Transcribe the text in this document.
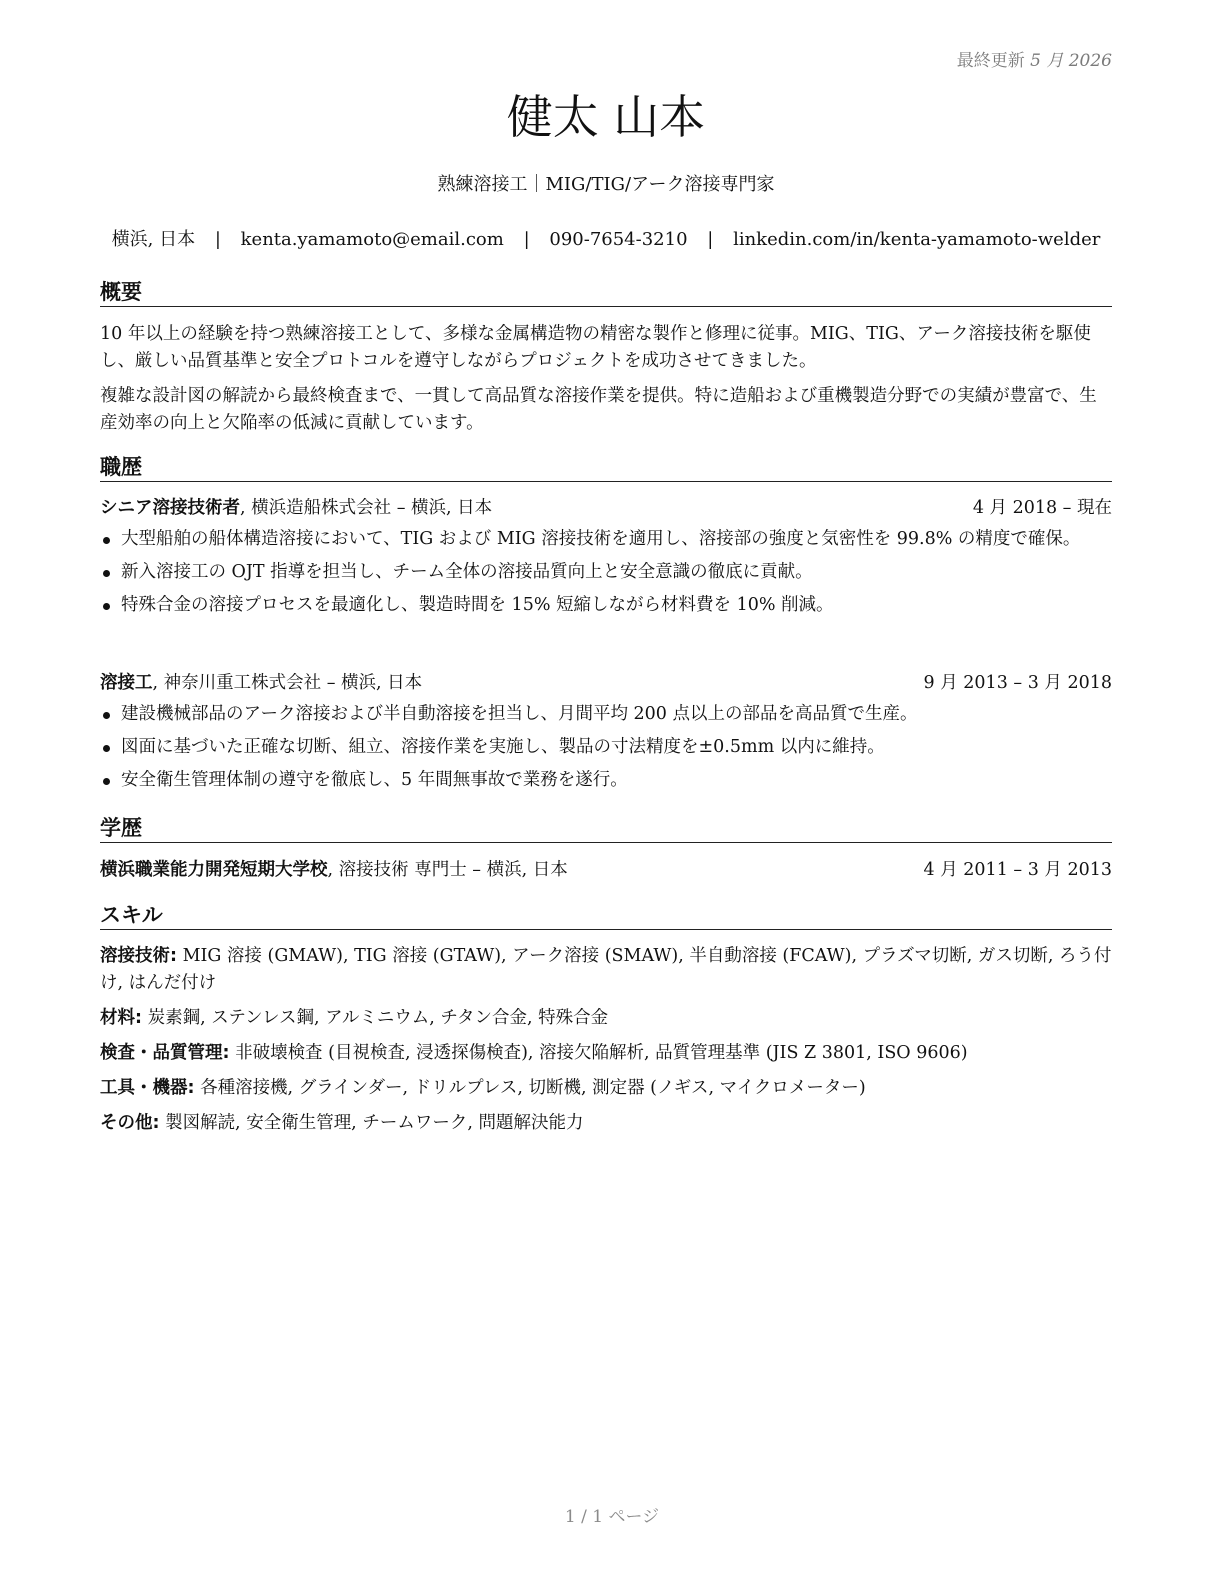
最終更新 5 月 2026
健太 山本
熟練溶接工｜MIG/TIG/アーク溶接専門家
横浜, 日本 | kenta.yamamoto@email.com | 090-7654-3210 | linkedin.com/in/kenta-yamamoto-welder
概要

10 年以上の経験を持つ熟練溶接工として、多様な金属構造物の精密な製作と修理に従事。MIG、TIG、アーク溶接技術を駆使し、厳しい品質基準と安全プロトコルを遵守しながらプロジェクトを成功させてきました。

複雑な設計図の解読から最終検査まで、一貫して高品質な溶接作業を提供。特に造船および重機製造分野での実績が豊富で、生産効率の向上と欠陥率の低減に貢献しています。

職歴
シニア溶接技術者, 横浜造船株式会社 – 横浜, 日本	4 月 2018 – 現在
大型船舶の船体構造溶接において、TIG および MIG 溶接技術を適用し、溶接部の強度と気密性を 99.8% の精度で確保。
新入溶接工の OJT 指導を担当し、チーム全体の溶接品質向上と安全意識の徹底に貢献。
特殊合金の溶接プロセスを最適化し、製造時間を 15% 短縮しながら材料費を 10% 削減。
溶接工, 神奈川重工株式会社 – 横浜, 日本	9 月 2013 – 3 月 2018
建設機械部品のアーク溶接および半自動溶接を担当し、月間平均 200 点以上の部品を高品質で生産。
図面に基づいた正確な切断、組立、溶接作業を実施し、製品の寸法精度を±0.5mm 以内に維持。
安全衛生管理体制の遵守を徹底し、5 年間無事故で業務を遂行。
学歴
横浜職業能力開発短期大学校, 溶接技術 専門士 – 横浜, 日本	4 月 2011 – 3 月 2013
スキル
溶接技術: MIG 溶接 (GMAW), TIG 溶接 (GTAW), アーク溶接 (SMAW), 半自動溶接 (FCAW), プラズマ切断, ガス切断, ろう付け, はんだ付け
材料: 炭素鋼, ステンレス鋼, アルミニウム, チタン合金, 特殊合金
検査・品質管理: 非破壊検査 (目視検査, 浸透探傷検査), 溶接欠陥解析, 品質管理基準 (JIS Z 3801, ISO 9606)
工具・機器: 各種溶接機, グラインダー, ドリルプレス, 切断機, 測定器 (ノギス, マイクロメーター)
その他: 製図解読, 安全衛生管理, チームワーク, 問題解決能力
1 / 1 ページ
